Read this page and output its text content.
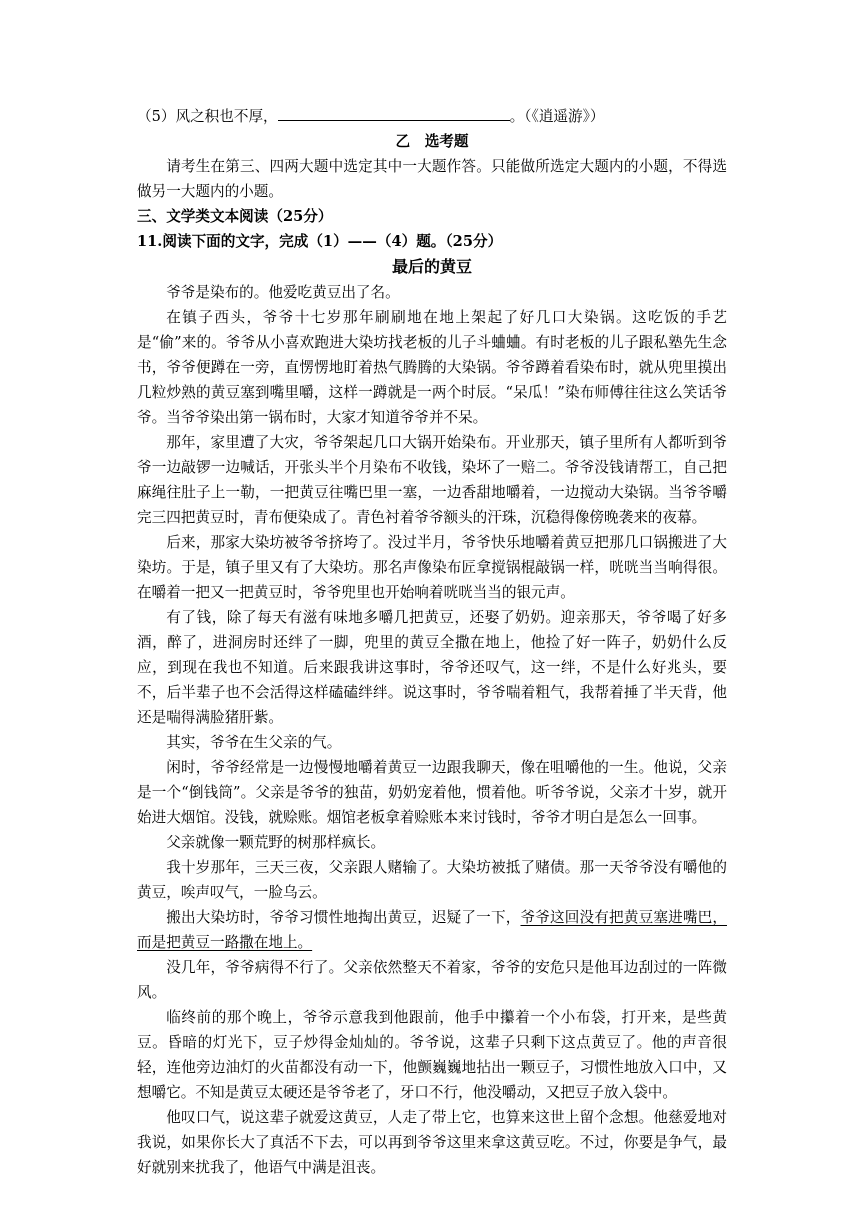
（5）风之积也不厚，	。（《逍遥游》）

乙　选考题

请考生在第三、四两大题中选定其中一大题作答。只能做所选定大题内的小题，不得选做另一大题内的小题。

三、文学类文本阅读（25分）

11.阅读下面的文字，完成（1）——（4）题。（25分）

最后的黄豆

爷爷是染布的。他爱吃黄豆出了名。

在镇子西头，爷爷十七岁那年刷刷地在地上架起了好几口大染锅。这吃饭的手艺是“偷”来的。爷爷从小喜欢跑进大染坊找老板的儿子斗蛐蛐。有时老板的儿子跟私塾先生念书，爷爷便蹲在一旁，直愣愣地盯着热气腾腾的大染锅。爷爷蹲着看染布时，就从兜里摸出几粒炒熟的黄豆塞到嘴里嚼，这样一蹲就是一两个时辰。“呆瓜！”染布师傅往往这么笑话爷爷。当爷爷染出第一锅布时，大家才知道爷爷并不呆。

那年，家里遭了大灾，爷爷架起几口大锅开始染布。开业那天，镇子里所有人都听到爷爷一边敲锣一边喊话，开张头半个月染布不收钱，染坏了一赔二。爷爷没钱请帮工，自己把麻绳往肚子上一勒，一把黄豆往嘴巴里一塞，一边香甜地嚼着，一边搅动大染锅。当爷爷嚼完三四把黄豆时，青布便染成了。青色衬着爷爷额头的汗珠，沉稳得像傍晚袭来的夜幕。

后来，那家大染坊被爷爷挤垮了。没过半月，爷爷快乐地嚼着黄豆把那几口锅搬进了大染坊。于是，镇子里又有了大染坊。那名声像染布匠拿搅锅棍敲锅一样，咣咣当当响得很。在嚼着一把又一把黄豆时，爷爷兜里也开始响着咣咣当当的银元声。

有了钱，除了每天有滋有味地多嚼几把黄豆，还娶了奶奶。迎亲那天，爷爷喝了好多酒，醉了，进洞房时还绊了一脚，兜里的黄豆全撒在地上，他捡了好一阵子，奶奶什么反应，到现在我也不知道。后来跟我讲这事时，爷爷还叹气，这一绊，不是什么好兆头，要不，后半辈子也不会活得这样磕磕绊绊。说这事时，爷爷喘着粗气，我帮着捶了半天背，他还是喘得满脸猪肝紫。

其实，爷爷在生父亲的气。

闲时，爷爷经常是一边慢慢地嚼着黄豆一边跟我聊天，像在咀嚼他的一生。他说，父亲是一个“倒钱筒”。父亲是爷爷的独苗，奶奶宠着他，惯着他。听爷爷说，父亲才十岁，就开始进大烟馆。没钱，就赊账。烟馆老板拿着赊账本来讨钱时，爷爷才明白是怎么一回事。

父亲就像一颗荒野的树那样疯长。

我十岁那年，三天三夜，父亲跟人赌输了。大染坊被抵了赌债。那一天爷爷没有嚼他的黄豆，唉声叹气，一脸乌云。

搬出大染坊时，爷爷习惯性地掏出黄豆，迟疑了一下，爷爷这回没有把黄豆塞进嘴巴，而是把黄豆一路撒在地上。

没几年，爷爷病得不行了。父亲依然整天不着家，爷爷的安危只是他耳边刮过的一阵微风。

临终前的那个晚上，爷爷示意我到他跟前，他手中攥着一个小布袋，打开来，是些黄豆。昏暗的灯光下，豆子炒得金灿灿的。爷爷说，这辈子只剩下这点黄豆了。他的声音很轻，连他旁边油灯的火苗都没有动一下，他颤巍巍地拈出一颗豆子，习惯性地放入口中，又想嚼它。不知是黄豆太硬还是爷爷老了，牙口不行，他没嚼动，又把豆子放入袋中。

他叹口气，说这辈子就爱这黄豆，人走了带上它，也算来这世上留个念想。他慈爱地对我说，如果你长大了真活不下去，可以再到爷爷这里来拿这黄豆吃。不过，你要是争气，最好就别来扰我了，他语气中满是沮丧。
